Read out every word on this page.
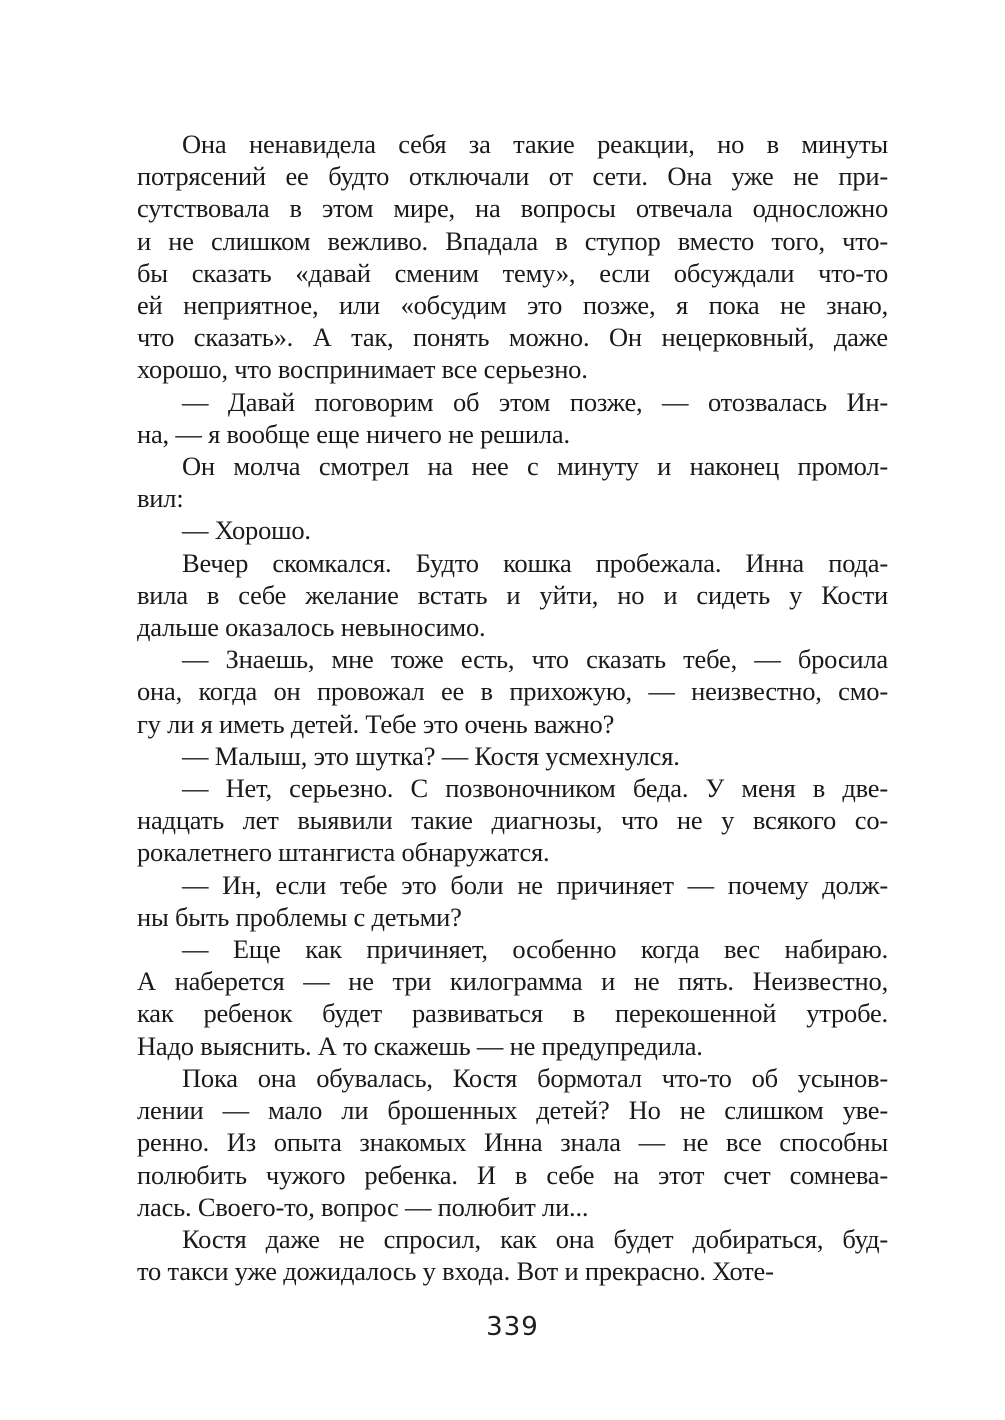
Она ненавидела себя за такие реакции, но в минуты
потрясений ее будто отключали от сети. Она уже не при-
сутствовала в этом мире, на вопросы отвечала односложно
и не слишком вежливо. Впадала в ступор вместо того, что-
бы сказать «давай сменим тему», если обсуждали что-то
ей неприятное, или «обсудим это позже, я пока не знаю,
что сказать». А так, понять можно. Он нецерковный, даже
хорошо, что воспринимает все серьезно.

— Давай поговорим об этом позже, — отозвалась Ин-
на, — я вообще еще ничего не решила.

Он молча смотрел на нее с минуту и наконец промол-
вил:

— Хорошо.

Вечер скомкался. Будто кошка пробежала. Инна пода-
вила в себе желание встать и уйти, но и сидеть у Кости
дальше оказалось невыносимо.

— Знаешь, мне тоже есть, что сказать тебе, — бросила
она, когда он провожал ее в прихожую, — неизвестно, смо-
гу ли я иметь детей. Тебе это очень важно?

— Малыш, это шутка? — Костя усмехнулся.

— Нет, серьезно. С позвоночником беда. У меня в две-
надцать лет выявили такие диагнозы, что не у всякого со-
рокалетнего штангиста обнаружатся.

— Ин, если тебе это боли не причиняет — почему долж-
ны быть проблемы с детьми?

— Еще как причиняет, особенно когда вес набираю.
А наберется — не три килограмма и не пять. Неизвестно,
как ребенок будет развиваться в перекошенной утробе.
Надо выяснить. А то скажешь — не предупредила.

Пока она обувалась, Костя бормотал что-то об усынов-
лении — мало ли брошенных детей? Но не слишком уве-
ренно. Из опыта знакомых Инна знала — не все способны
полюбить чужого ребенка. И в себе на этот счет сомнева-
лась. Своего-то, вопрос — полюбит ли...

Костя даже не спросил, как она будет добираться, буд-
то такси уже дожидалось у входа. Вот и прекрасно. Хоте-

339
